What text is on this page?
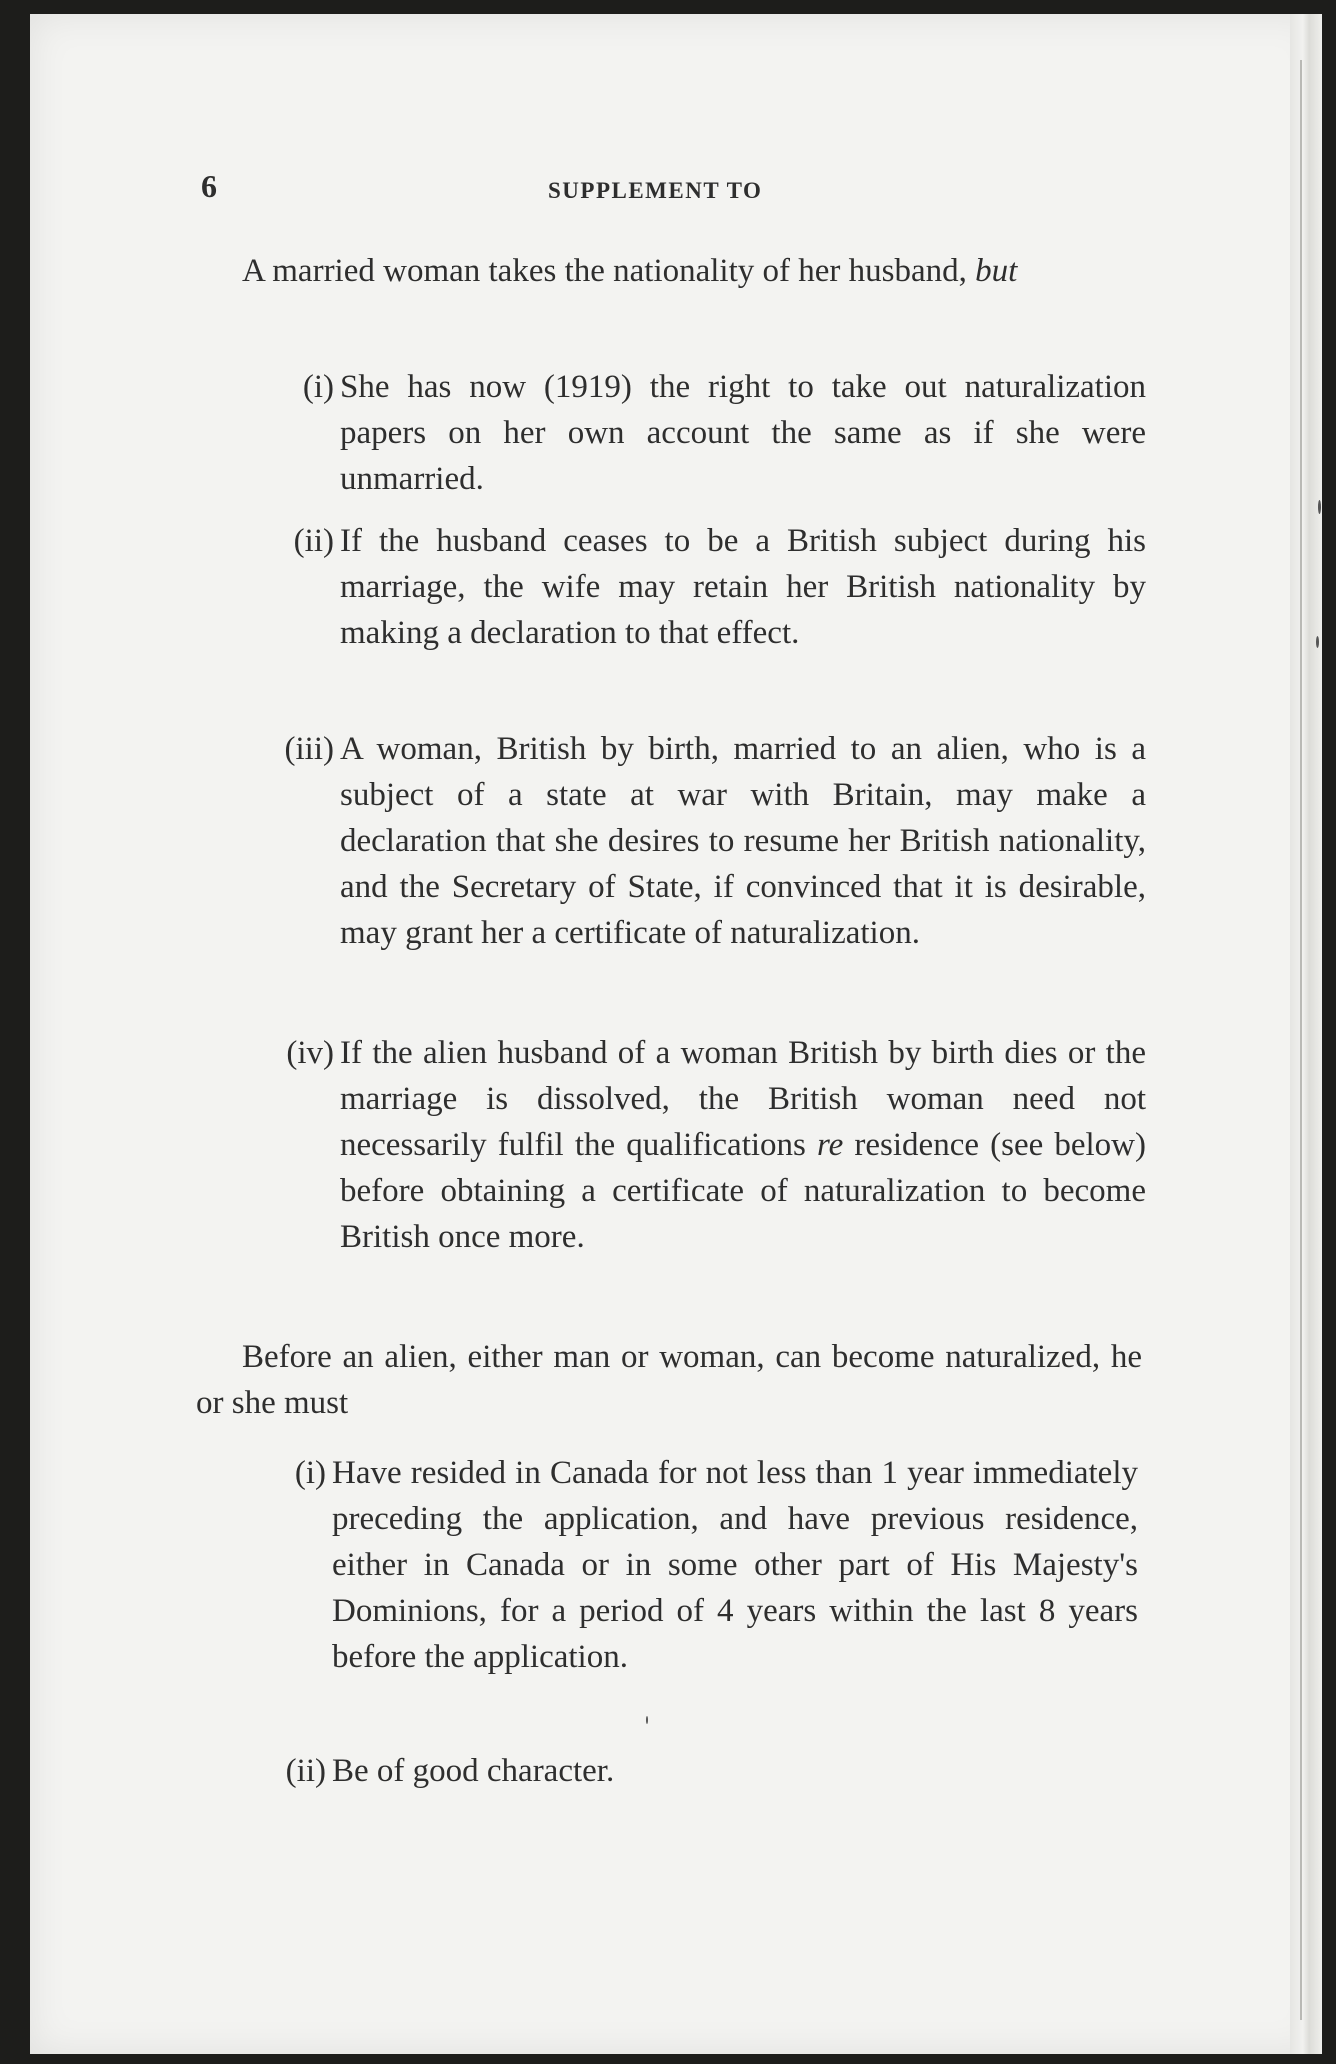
6	SUPPLEMENT TO

A married woman takes the nationality of her husband, but

(i) She has now (1919) the right to take out naturalization papers on her own account the same as if she were unmarried.
(ii) If the husband ceases to be a British subject during his marriage, the wife may retain her British nationality by making a declaration to that effect.
(iii) A woman, British by birth, married to an alien, who is a subject of a state at war with Britain, may make a declaration that she desires to resume her British nationality, and the Secretary of State, if convinced that it is desirable, may grant her a certificate of naturalization.
(iv) If the alien husband of a woman British by birth dies or the marriage is dissolved, the British woman need not necessarily fulfil the qualifications re residence (see below) before obtaining a certificate of naturalization to become British once more.

Before an alien, either man or woman, can become naturalized, he or she must

(i) Have resided in Canada for not less than 1 year immediately preceding the application, and have previous residence, either in Canada or in some other part of His Majesty's Dominions, for a period of 4 years within the last 8 years before the application.
(ii) Be of good character.
